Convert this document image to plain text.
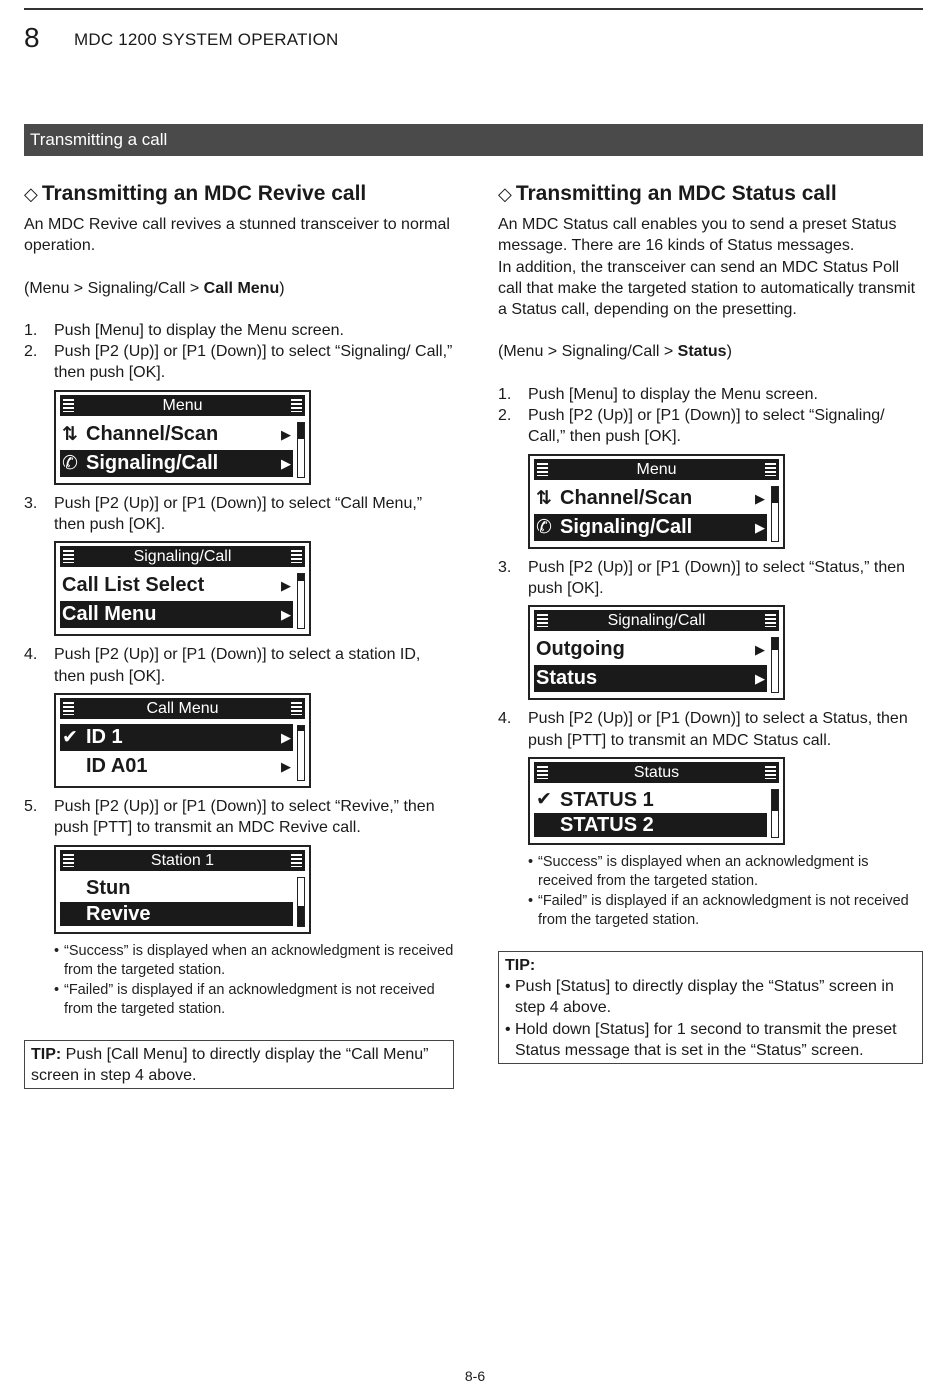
8 MDC 1200 SYSTEM OPERATION
Transmitting a call
◇ Transmitting an MDC Revive call
An MDC Revive call revives a stunned transceiver to normal operation.
(Menu > Signaling/Call > Call Menu)
1.	Push [Menu] to display the Menu screen.
2.	Push [P2 (Up)] or [P1 (Down)] to select “Signaling/ Call,” then push [OK].
Menu
⇅ Channel/Scan	▶
✆ Signaling/Call	▶
3.	Push [P2 (Up)] or [P1 (Down)] to select “Call Menu,” then push [OK].
Signaling/Call
Call List Select	▶
Call Menu	▶
4.	Push [P2 (Up)] or [P1 (Down)] to select a station ID, then push [OK].
Call Menu
✔ ID 1	▶
ID A01	▶
5.	Push [P2 (Up)] or [P1 (Down)] to select “Revive,” then push [PTT] to transmit an MDC Revive call.
Station 1
Stun
Revive
• “Success” is displayed when an acknowledgment is received from the targeted station.
• “Failed” is displayed if an acknowledgment is not received from the targeted station.
TIP: Push [Call Menu] to directly display the “Call Menu” screen in step 4 above.
◇ Transmitting an MDC Status call
An MDC Status call enables you to send a preset Status message. There are 16 kinds of Status messages.
In addition, the transceiver can send an MDC Status Poll call that make the targeted station to automatically transmit a Status call, depending on the presetting.
(Menu > Signaling/Call > Status)
1.	Push [Menu] to display the Menu screen.
2.	Push [P2 (Up)] or [P1 (Down)] to select “Signaling/ Call,” then push [OK].
Menu
⇅ Channel/Scan	▶
✆ Signaling/Call	▶
3.	Push [P2 (Up)] or [P1 (Down)] to select “Status,” then push [OK].
Signaling/Call
Outgoing	▶
Status	▶
4.	Push [P2 (Up)] or [P1 (Down)] to select a Status, then push [PTT] to transmit an MDC Status call.
Status
✔ STATUS 1
STATUS 2
• “Success” is displayed when an acknowledgment is received from the targeted station.
• “Failed” is displayed if an acknowledgment is not received from the targeted station.
TIP:
• Push [Status] to directly display the “Status” screen in step 4 above.
• Hold down [Status] for 1 second to transmit the preset Status message that is set in the “Status” screen.
8-6
